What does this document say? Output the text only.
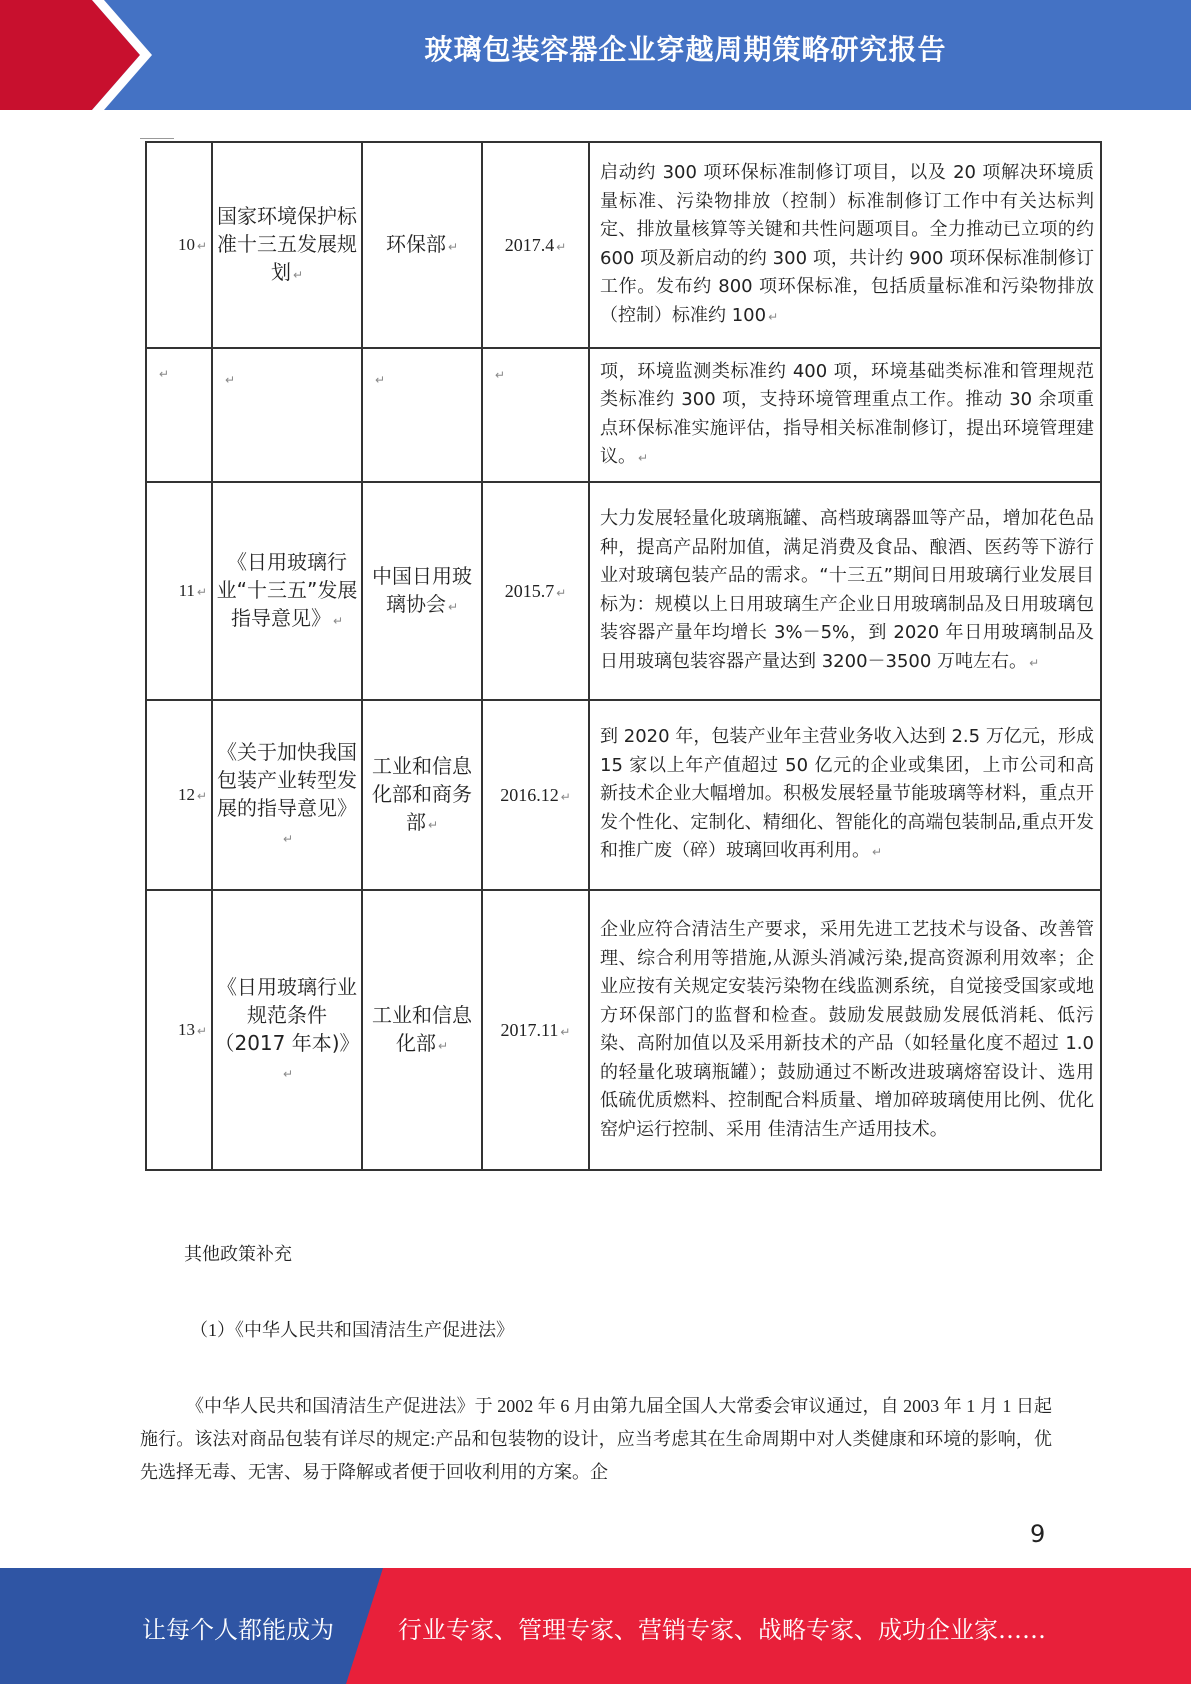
玻璃包装容器企业穿越周期策略研究报告
10 ↵	国家环境保护标准十三五发展规划 ↵	环保部 ↵	2017.4 ↵	启动约 300 项环保标准制修订项目，以及 20 项解决环境质量标准、污染物排放（控制）标准制修订工作中有关达标判定、排放量核算等关键和共性问题项目。全力推动已立项的约 600 项及新启动的约 300 项，共计约 900 项环保标准制修订工作。发布约 800 项环保标准，包括质量标准和污染物排放（控制）标准约 100 ↵
↵	↵	↵	↵	项，环境监测类标准约 400 项，环境基础类标准和管理规范类标准约 300 项，支持环境管理重点工作。推动 30 余项重点环保标准实施评估，指导相关标准制修订，提出环境管理建议。 ↵
11 ↵	《日用玻璃行业“十三五”发展指导意见》 ↵	中国日用玻璃协会 ↵	2015.7 ↵	大力发展轻量化玻璃瓶罐、高档玻璃器皿等产品，增加花色品种，提高产品附加值，满足消费及食品、酿酒、医药等下游行业对玻璃包装产品的需求。“十三五”期间日用玻璃行业发展目标为：规模以上日用玻璃生产企业日用玻璃制品及日用玻璃包装容器产量年均增长 3%－5%，到 2020 年日用玻璃制品及日用玻璃包装容器产量达到 3200－3500 万吨左右。 ↵
12 ↵	《关于加快我国包装产业转型发展的指导意见》↵	工业和信息化部和商务部 ↵	2016.12 ↵	到 2020 年，包装产业年主营业务收入达到 2.5 万亿元，形成 15 家以上年产值超过 50 亿元的企业或集团，上市公司和高新技术企业大幅增加。积极发展轻量节能玻璃等材料，重点开发个性化、定制化、精细化、智能化的高端包装制品,重点开发和推广废（碎）玻璃回收再利用。 ↵
13 ↵	《日用玻璃行业规范条件（2017 年本)》↵	工业和信息化部 ↵	2017.11 ↵	企业应符合清洁生产要求，采用先进工艺技术与设备、改善管理、综合利用等措施,从源头消减污染,提高资源利用效率；企业应按有关规定安装污染物在线监测系统，自觉接受国家或地方环保部门的监督和检查。鼓励发展鼓励发展低消耗、低污染、高附加值以及采用新技术的产品（如轻量化度不超过 1.0 的轻量化玻璃瓶罐）；鼓励通过不断改进玻璃熔窑设计、选用低硫优质燃料、控制配合料质量、增加碎玻璃使用比例、优化窑炉运行控制、采用 佳清洁生产适用技术。
其他政策补充
（1）《中华人民共和国清洁生产促进法》
《中华人民共和国清洁生产促进法》于 2002 年 6 月由第九届全国人大常委会审议通过，自 2003 年 1 月 1 日起施行。该法对商品包装有详尽的规定:产品和包装物的设计，应当考虑其在生命周期中对人类健康和环境的影响，优先选择无毒、无害、易于降解或者便于回收利用的方案。企
9
让每个人都能成为	行业专家、管理专家、营销专家、战略专家、成功企业家……
